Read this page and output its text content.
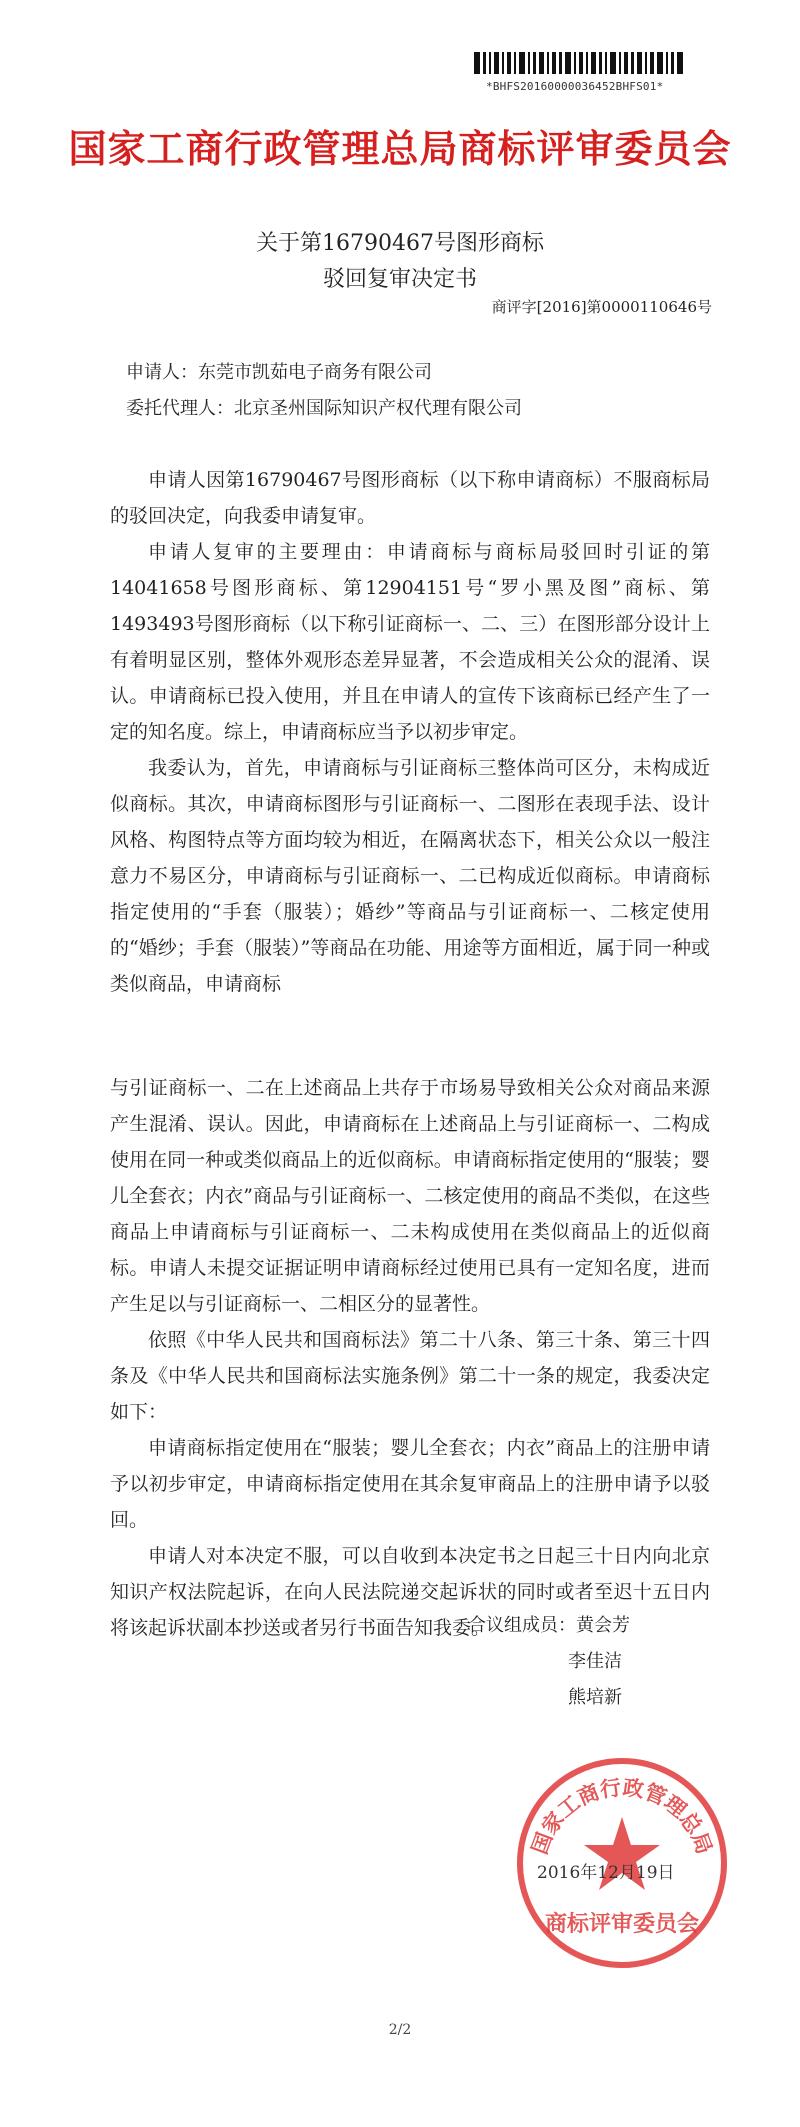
*BHFS20160000036452BHFS01*
国家工商行政管理总局商标评审委员会
关于第16790467号图形商标
驳回复审决定书
商评字[2016]第0000110646号
申请人：东莞市凯茹电子商务有限公司
委托代理人：北京圣州国际知识产权代理有限公司

申请人因第16790467号图形商标（以下称申请商标）不服商标局的驳回决定，向我委申请复审。

申请人复审的主要理由：申请商标与商标局驳回时引证的第14041658号图形商标、第12904151号“罗小黑及图”商标、第1493493号图形商标（以下称引证商标一、二、三）在图形部分设计上有着明显区别，整体外观形态差异显著，不会造成相关公众的混淆、误认。申请商标已投入使用，并且在申请人的宣传下该商标已经产生了一定的知名度。综上，申请商标应当予以初步审定。

我委认为，首先，申请商标与引证商标三整体尚可区分，未构成近似商标。其次，申请商标图形与引证商标一、二图形在表现手法、设计风格、构图特点等方面均较为相近，在隔离状态下，相关公众以一般注意力不易区分，申请商标与引证商标一、二已构成近似商标。申请商标指定使用的“手套（服装）；婚纱”等商品与引证商标一、二核定使用的“婚纱；手套（服装）”等商品在功能、用途等方面相近，属于同一种或类似商品，申请商标

与引证商标一、二在上述商品上共存于市场易导致相关公众对商品来源产生混淆、误认。因此，申请商标在上述商品上与引证商标一、二构成使用在同一种或类似商品上的近似商标。申请商标指定使用的“服装；婴儿全套衣；内衣”商品与引证商标一、二核定使用的商品不类似，在这些商品上申请商标与引证商标一、二未构成使用在类似商品上的近似商标。申请人未提交证据证明申请商标经过使用已具有一定知名度，进而产生足以与引证商标一、二相区分的显著性。

依照《中华人民共和国商标法》第二十八条、第三十条、第三十四条及《中华人民共和国商标法实施条例》第二十一条的规定，我委决定如下：

申请商标指定使用在“服装；婴儿全套衣；内衣”商品上的注册申请予以初步审定，申请商标指定使用在其余复审商品上的注册申请予以驳回。

申请人对本决定不服，可以自收到本决定书之日起三十日内向北京知识产权法院起诉，在向人民法院递交起诉状的同时或者至迟十五日内将该起诉状副本抄送或者另行书面告知我委。

合议组成员：黄会芳
李佳洁
熊培新
国家工商行政管理总局
商标评审委员会
2016年12月19日
2/2
